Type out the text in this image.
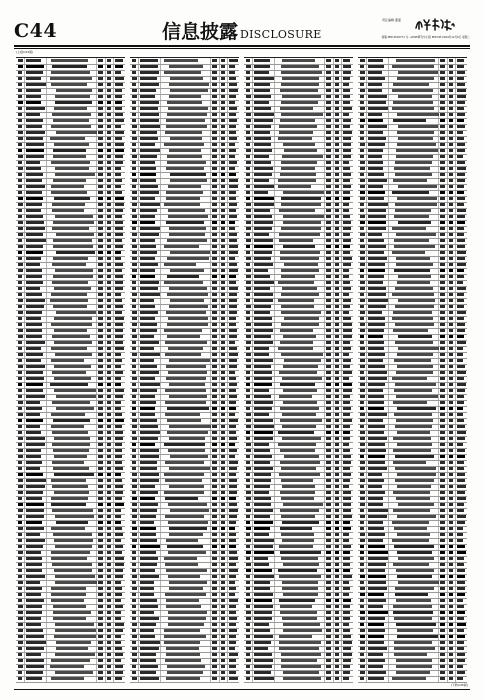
C44	信息披露 DISCLOSURE
责任编辑 董夏
邮箱:PPP-4502771 为 →IPCEI研究中心组 PPP.mft 2024年12月6日 星期二
(上接C43版)
(下转C45版)
